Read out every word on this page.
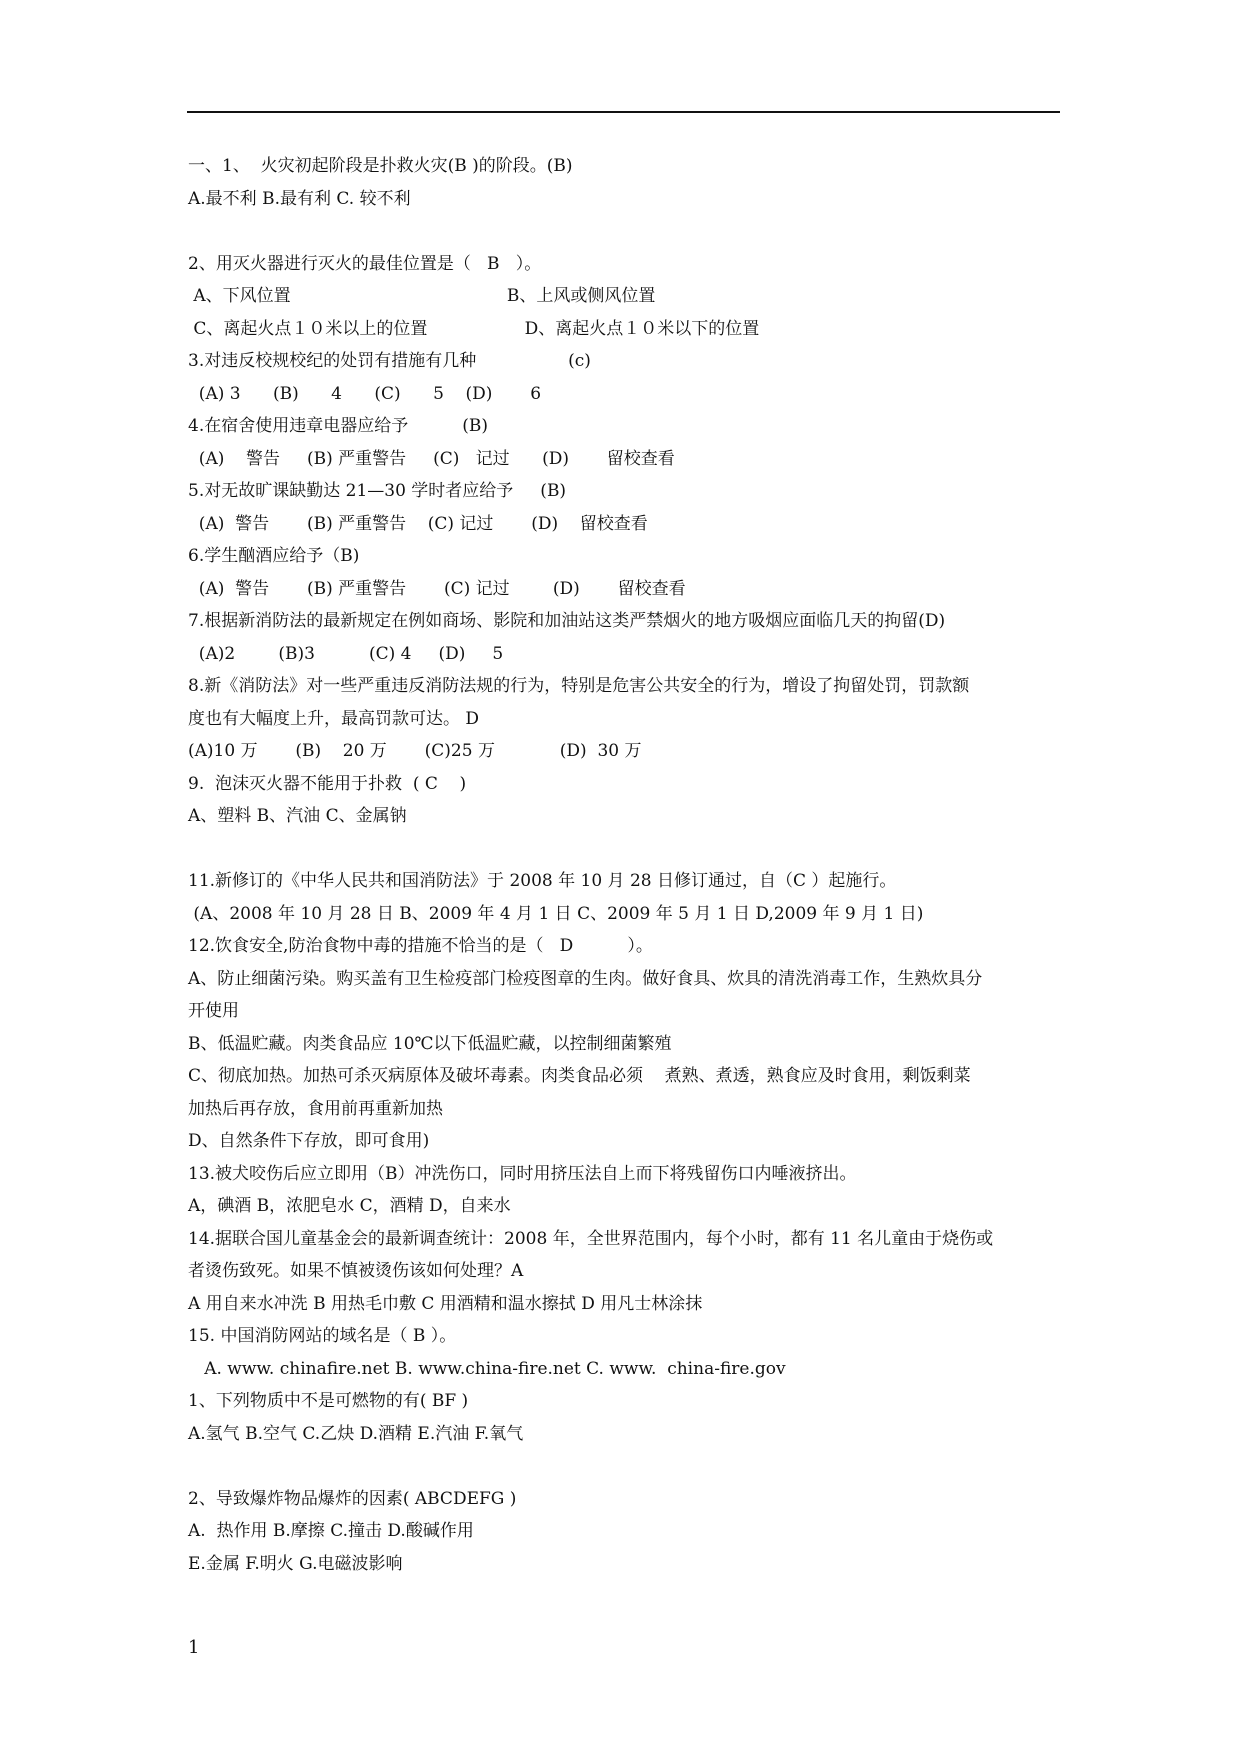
一、1、  火灾初起阶段是扑救火灾(B )的阶段。(B)
A.最不利 B.最有利 C. 较不利
2、用灭火器进行灭火的最佳位置是（   B   ）。
A、下风位置                                        B、上风或侧风位置
C、离起火点１０米以上的位置                  D、离起火点１０米以下的位置
3.对违反校规校纪的处罚有措施有几种                 (c)
(A) 3      (B)      4      (C)      5    (D)       6
4.在宿舍使用违章电器应给予          (B)
(A)    警告     (B) 严重警告     (C)   记过      (D)       留校查看
5.对无故旷课缺勤达 21—30 学时者应给予     (B)
(A)  警告       (B) 严重警告    (C) 记过       (D)    留校查看
6.学生酗酒应给予（B)
(A)  警告       (B) 严重警告       (C) 记过        (D)       留校查看
7.根据新消防法的最新规定在例如商场、影院和加油站这类严禁烟火的地方吸烟应面临几天的拘留(D)
(A)2        (B)3          (C) 4     (D)     5
8.新《消防法》对一些严重违反消防法规的行为，特别是危害公共安全的行为，增设了拘留处罚，罚款额
度也有大幅度上升，最高罚款可达。 D
(A)10 万       (B)    20 万       (C)25 万            (D)  30 万
9.  泡沫灭火器不能用于扑救  ( C    )
A、塑料 B、汽油 C、金属钠
11.新修订的《中华人民共和国消防法》于 2008 年 10 月 28 日修订通过，自（C ）起施行。
(A、2008 年 10 月 28 日 B、2009 年 4 月 1 日 C、2009 年 5 月 1 日 D,2009 年 9 月 1 日)
12.饮食安全,防治食物中毒的措施不恰当的是（   D          ）。
A、防止细菌污染。购买盖有卫生检疫部门检疫图章的生肉。做好食具、炊具的清洗消毒工作，生熟炊具分
开使用
B、低温贮藏。肉类食品应 10℃以下低温贮藏，以控制细菌繁殖
C、彻底加热。加热可杀灭病原体及破坏毒素。肉类食品必须    煮熟、煮透，熟食应及时食用，剩饭剩菜
加热后再存放，食用前再重新加热
D、自然条件下存放，即可食用)
13.被犬咬伤后应立即用（B）冲洗伤口，同时用挤压法自上而下将残留伤口内唾液挤出。
A，碘酒 B，浓肥皂水 C，酒精 D，自来水
14.据联合国儿童基金会的最新调查统计：2008 年，全世界范围内，每个小时，都有 11 名儿童由于烧伤或
者烫伤致死。如果不慎被烫伤该如何处理？A
A 用自来水冲洗 B 用热毛巾敷 C 用酒精和温水擦拭 D 用凡士林涂抹
15. 中国消防网站的域名是（ B ）。
A. www. chinafire.net B. www.china-fire.net C. www.  china-fire.gov
1、下列物质中不是可燃物的有( BF )
A.氢气 B.空气 C.乙炔 D.酒精 E.汽油 F.氧气
2、导致爆炸物品爆炸的因素( ABCDEFG )
A.  热作用 B.摩擦 C.撞击 D.酸碱作用
E.金属 F.明火 G.电磁波影响
1
